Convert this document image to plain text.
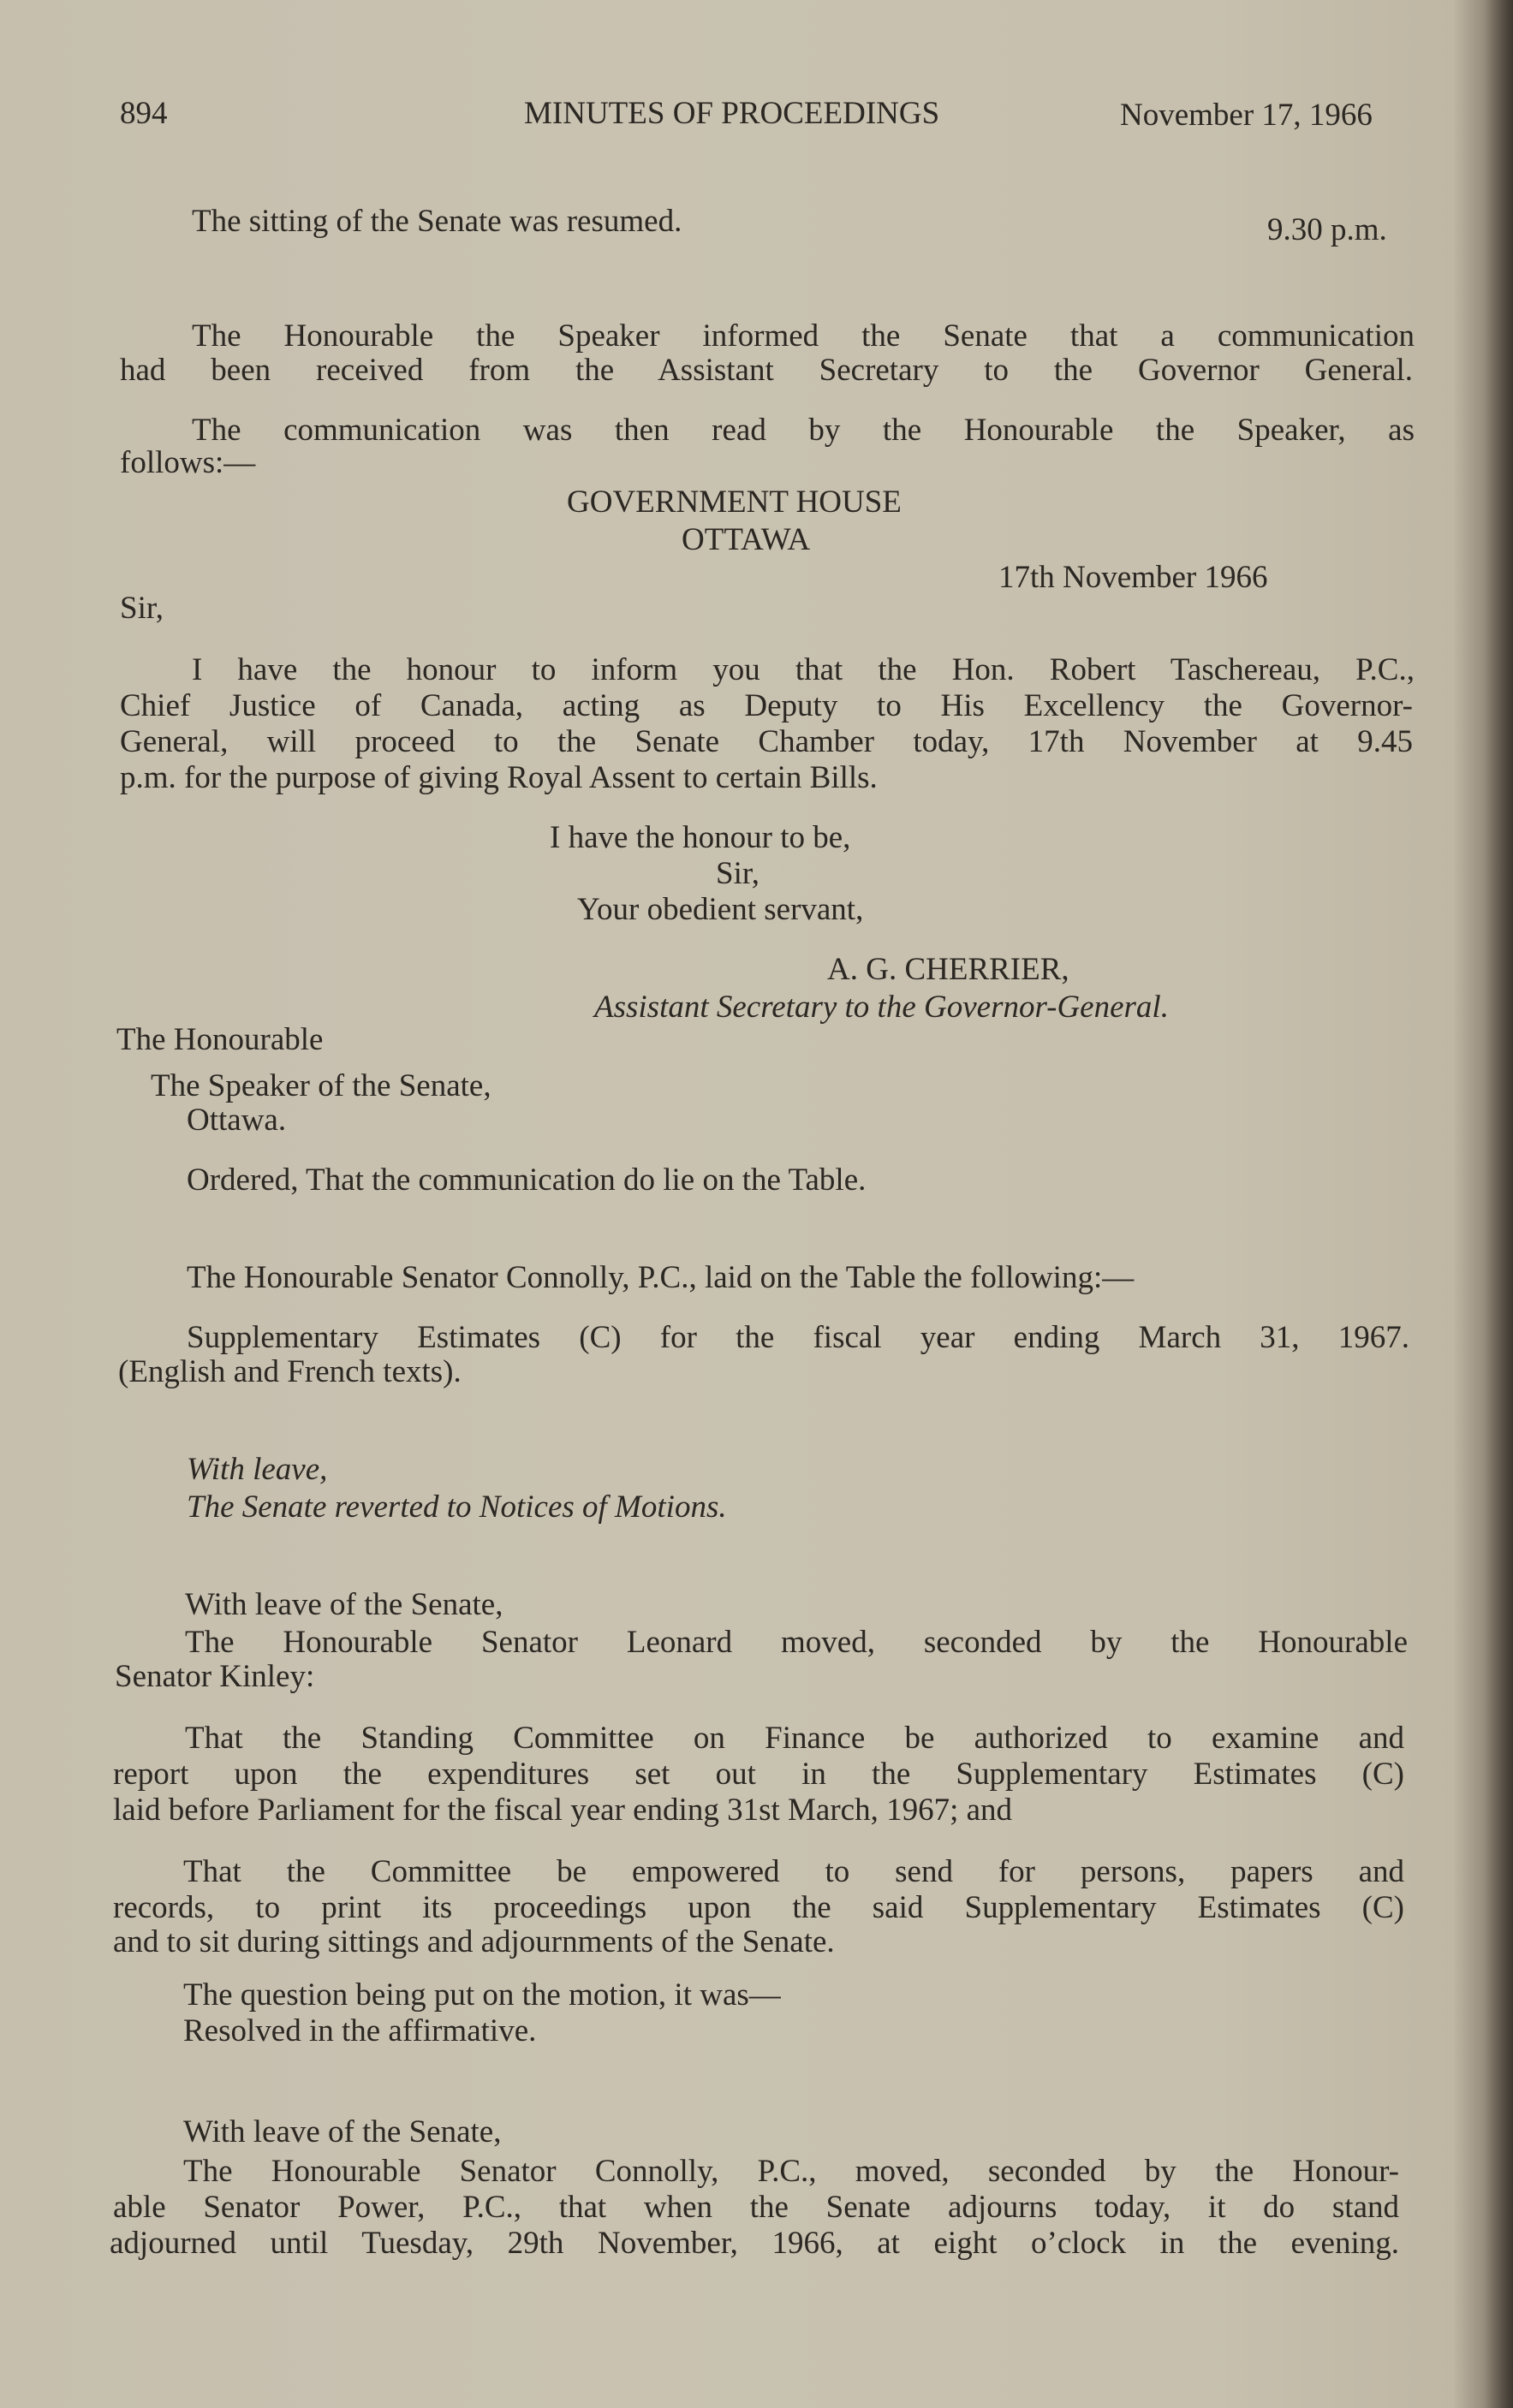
894	MINUTES OF PROCEEDINGS	November 17, 1966
The sitting of the Senate was resumed.	9.30 p.m.
The Honourable the Speaker informed the Senate that a communication
had been received from the Assistant Secretary to the Governor General.
The communication was then read by the Honourable the Speaker, as
follows:—
GOVERNMENT HOUSE
OTTAWA
17th November 1966
Sir,
I have the honour to inform you that the Hon. Robert Taschereau, P.C.,
Chief Justice of Canada, acting as Deputy to His Excellency the Governor-
General, will proceed to the Senate Chamber today, 17th November at 9.45
p.m. for the purpose of giving Royal Assent to certain Bills.
I have the honour to be,
Sir,
Your obedient servant,
A. G. CHERRIER,
Assistant Secretary to the Governor-General.
The Honourable
The Speaker of the Senate,
Ottawa.
Ordered, That the communication do lie on the Table.
The Honourable Senator Connolly, P.C., laid on the Table the following:—
Supplementary Estimates (C) for the fiscal year ending March 31, 1967.
(English and French texts).
With leave,
The Senate reverted to Notices of Motions.
With leave of the Senate,
The Honourable Senator Leonard moved, seconded by the Honourable
Senator Kinley:
That the Standing Committee on Finance be authorized to examine and
report upon the expenditures set out in the Supplementary Estimates (C)
laid before Parliament for the fiscal year ending 31st March, 1967; and
That the Committee be empowered to send for persons, papers and
records, to print its proceedings upon the said Supplementary Estimates (C)
and to sit during sittings and adjournments of the Senate.
The question being put on the motion, it was—
Resolved in the affirmative.
With leave of the Senate,
The Honourable Senator Connolly, P.C., moved, seconded by the Honour-
able Senator Power, P.C., that when the Senate adjourns today, it do stand
adjourned until Tuesday, 29th November, 1966, at eight o’clock in the evening.
